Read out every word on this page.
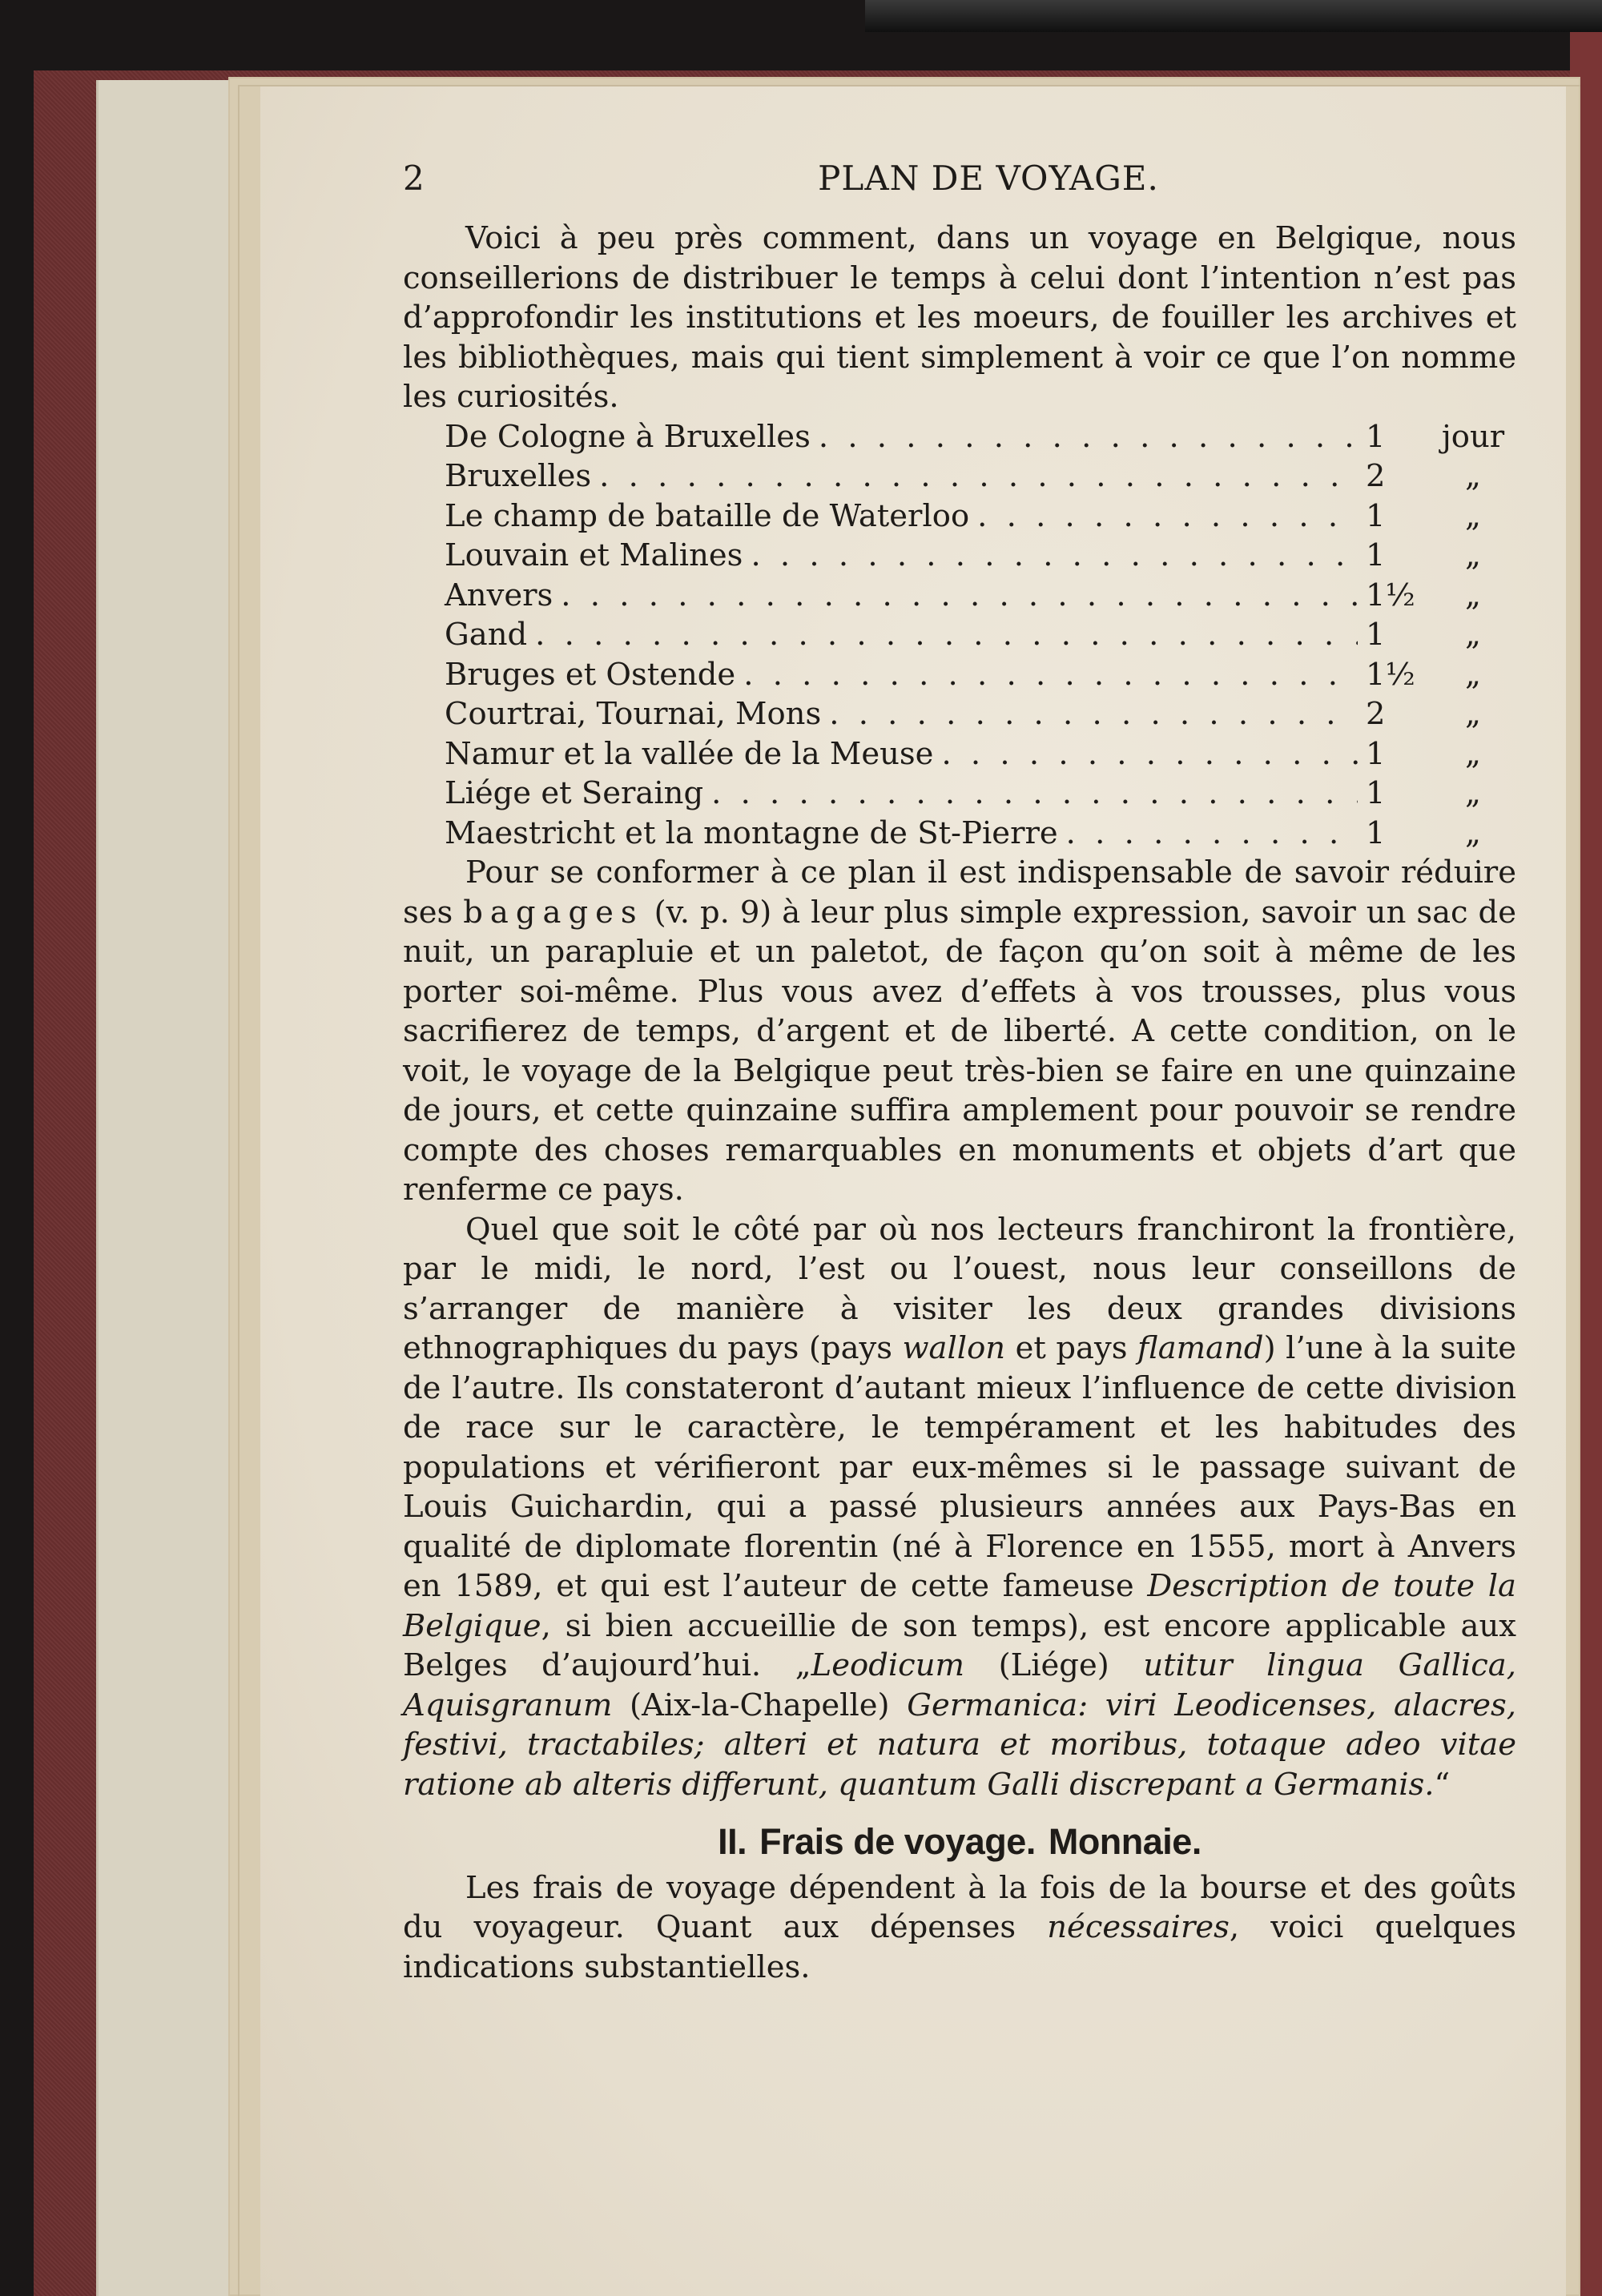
2	PLAN DE VOYAGE.

Voici à peu près comment, dans un voyage en Belgique, nous conseillerions de distribuer le temps à celui dont l’intention n’est pas d’approfondir les institutions et les moeurs, de fouiller les archives et les bibliothèques, mais qui tient simplement à voir ce que l’on nomme les curiosités.

De Cologne à Bruxelles . . .	1	jour
Bruxelles . . .	2	„
Le champ de bataille de Waterloo . . .	1	„
Louvain et Malines . . .	1	„
Anvers . . .	1½	„
Gand . . .	1	„
Bruges et Ostende . . .	1½	„
Courtrai, Tournai, Mons . . .	2	„
Namur et la vallée de la Meuse . . .	1	„
Liége et Seraing . . .	1	„
Maestricht et la montagne de St-Pierre . . .	1	„

Pour se conformer à ce plan il est indispensable de savoir réduire ses bagages (v. p. 9) à leur plus simple expression, savoir un sac de nuit, un parapluie et un paletot, de façon qu’on soit à même de les porter soi-même. Plus vous avez d’effets à vos trousses, plus vous sacrifierez de temps, d’argent et de liberté. A cette condition, on le voit, le voyage de la Belgique peut très-bien se faire en une quinzaine de jours, et cette quinzaine suffira amplement pour pouvoir se rendre compte des choses remarquables en monuments et objets d’art que renferme ce pays.

Quel que soit le côté par où nos lecteurs franchiront la frontière, par le midi, le nord, l’est ou l’ouest, nous leur conseillons de s’arranger de manière à visiter les deux grandes divisions ethnographiques du pays (pays wallon et pays flamand) l’une à la suite de l’autre. Ils constateront d’autant mieux l’influence de cette division de race sur le caractère, le tempérament et les habitudes des populations et vérifieront par eux-mêmes si le passage suivant de Louis Guichardin, qui a passé plusieurs années aux Pays-Bas en qualité de diplomate florentin (né à Florence en 1555, mort à Anvers en 1589, et qui est l’auteur de cette fameuse Description de toute la Belgique, si bien accueillie de son temps), est encore applicable aux Belges d’aujourd’hui. „Leodicum (Liége) utitur lingua Gallica, Aquisgranum (Aix-la-Chapelle) Germanica: viri Leodicenses, alacres, festivi, tractabiles; alteri et natura et moribus, totaque adeo vitae ratione ab alteris differunt, quantum Galli discrepant a Germanis.“

II. Frais de voyage. Monnaie.

Les frais de voyage dépendent à la fois de la bourse et des goûts du voyageur. Quant aux dépenses nécessaires, voici quelques indications substantielles.
